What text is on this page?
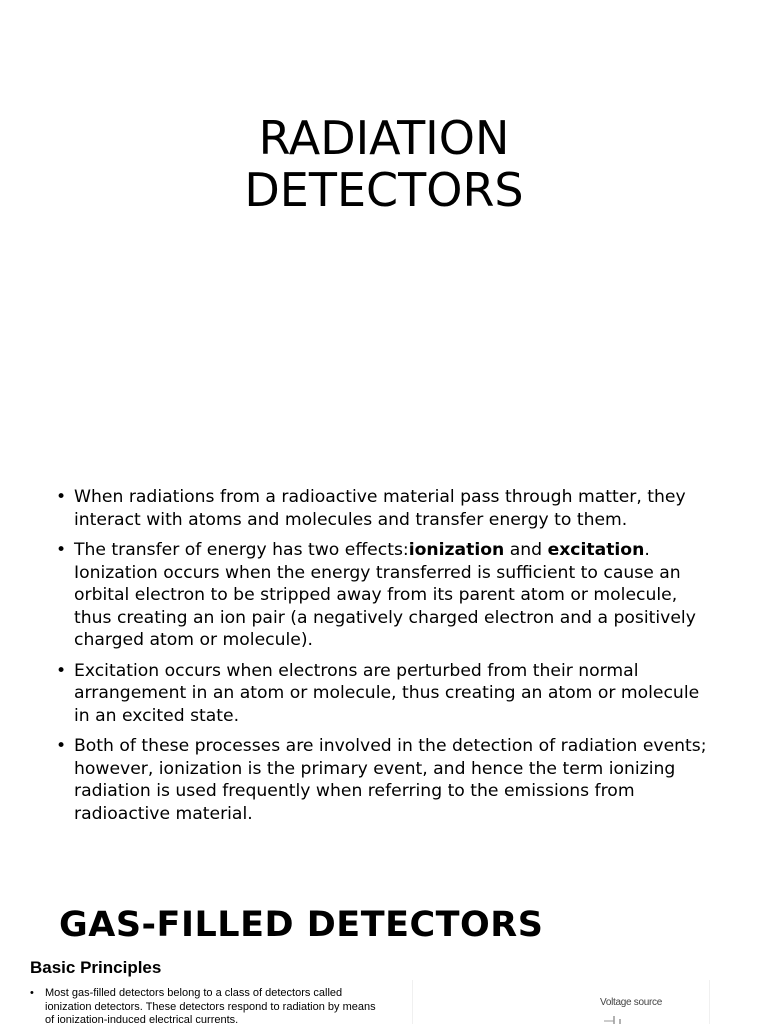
RADIATION
DETECTORS
• When radiations from a radioactive material pass through matter, they interact with atoms and molecules and transfer energy to them.
• The transfer of energy has two effects:ionization and excitation. Ionization occurs when the energy transferred is sufficient to cause an orbital electron to be stripped away from its parent atom or molecule, thus creating an ion pair (a negatively charged electron and a positively charged atom or molecule).
• Excitation occurs when electrons are perturbed from their normal arrangement in an atom or molecule, thus creating an atom or molecule in an excited state.
• Both of these processes are involved in the detection of radiation events; however, ionization is the primary event, and hence the term ionizing radiation is used frequently when referring to the emissions from radioactive material.
GAS-FILLED DETECTORS
Basic Principles
• Most gas-filled detectors belong to a class of detectors called ionization detectors. These detectors respond to radiation by means of ionization-induced electrical currents.
Voltage source
